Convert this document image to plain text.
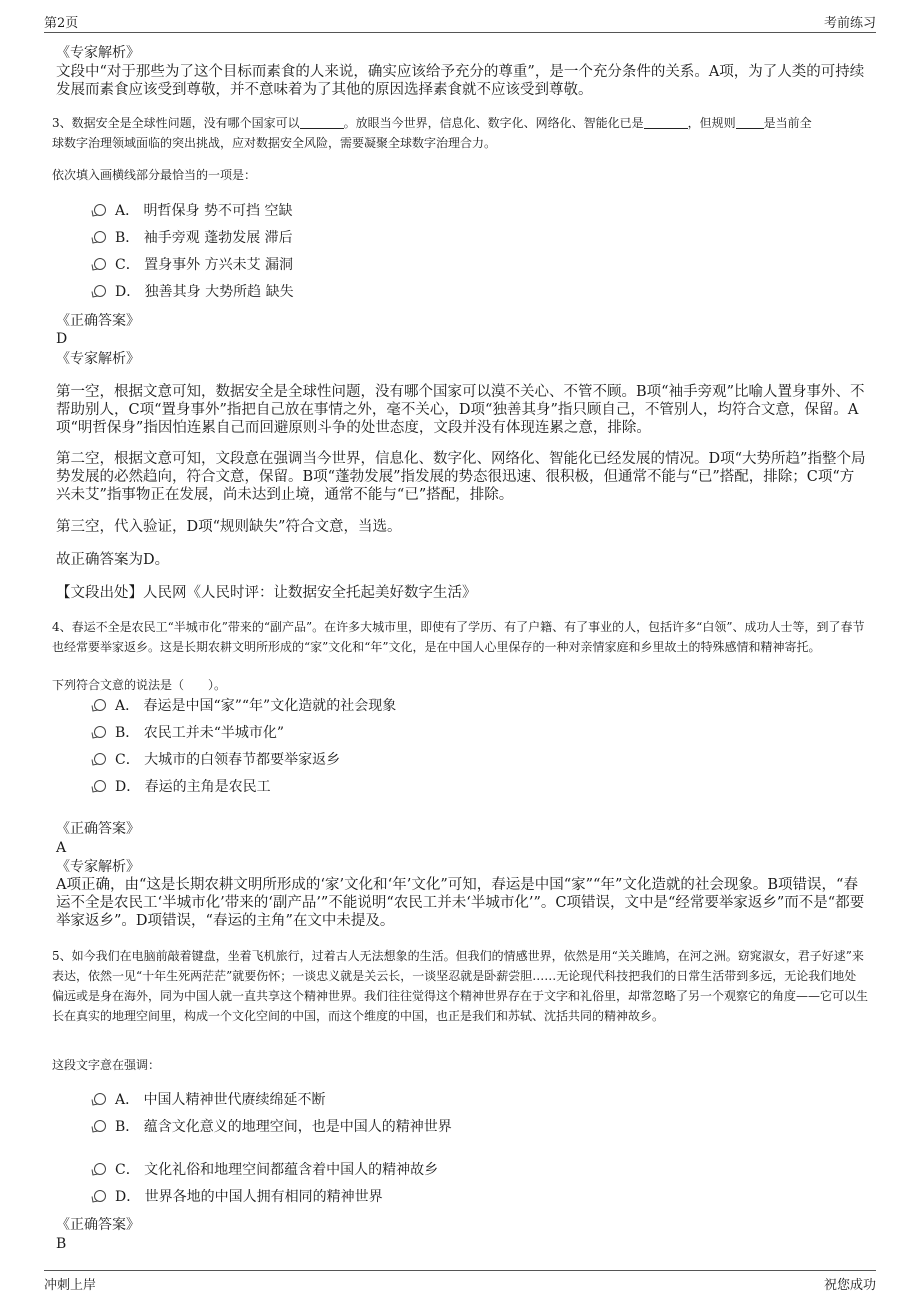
第2页	考前练习

《专家解析》

文段中“对于那些为了这个目标而素食的人来说，确实应该给予充分的尊重”，是一个充分条件的关系。A项，为了人类的可持续发展而素食应该受到尊敬，并不意味着为了其他的原因选择素食就不应该受到尊敬。

3、数据安全是全球性问题，没有哪个国家可以	。放眼当今世界，信息化、数字化、网络化、智能化已是	，但规则 是当前全
球数字治理领域面临的突出挑战，应对数据安全风险，需要凝聚全球数字治理合力。

依次填入画横线部分最恰当的一项是：

A． 明哲保身 势不可挡 空缺
B． 袖手旁观 蓬勃发展 滞后
C． 置身事外 方兴未艾 漏洞
D． 独善其身 大势所趋 缺失

《正确答案》

D

《专家解析》

第一空，根据文意可知，数据安全是全球性问题，没有哪个国家可以漠不关心、不管不顾。B项“袖手旁观”比喻人置身事外、不帮助别人，C项“置身事外”指把自己放在事情之外，毫不关心，D项“独善其身”指只顾自己，不管别人，均符合文意，保留。A项“明哲保身”指因怕连累自己而回避原则斗争的处世态度，文段并没有体现连累之意，排除。

第二空，根据文意可知，文段意在强调当今世界，信息化、数字化、网络化、智能化已经发展的情况。D项“大势所趋”指整个局势发展的必然趋向，符合文意，保留。B项“蓬勃发展”指发展的势态很迅速、很积极，但通常不能与“已”搭配，排除；C项“方兴未艾”指事物正在发展，尚未达到止境，通常不能与“已”搭配，排除。

第三空，代入验证，D项“规则缺失”符合文意，当选。

故正确答案为D。

【文段出处】人民网《人民时评：让数据安全托起美好数字生活》

4、春运不全是农民工“半城市化”带来的“副产品”。在许多大城市里，即使有了学历、有了户籍、有了事业的人，包括许多“白领”、成功人士等，到了春节也经常要举家返乡。这是长期农耕文明所形成的“家”文化和“年”文化，是在中国人心里保存的一种对亲情家庭和乡里故土的特殊感情和精神寄托。

下列符合文意的说法是（　　）。

A． 春运是中国“家”“年”文化造就的社会现象
B． 农民工并未“半城市化”
C． 大城市的白领春节都要举家返乡
D． 春运的主角是农民工

《正确答案》

A

《专家解析》

A项正确，由“这是长期农耕文明所形成的‘家’文化和‘年’文化”可知，春运是中国“家”“年”文化造就的社会现象。B项错误，“春运不全是农民工‘半城市化’带来的‘副产品’”不能说明“农民工并未‘半城市化’”。C项错误，文中是“经常要举家返乡”而不是“都要举家返乡”。D项错误，“春运的主角”在文中未提及。

5、如今我们在电脑前敲着键盘，坐着飞机旅行，过着古人无法想象的生活。但我们的情感世界，依然是用“关关雎鸠，在河之洲。窈窕淑女，君子好逑”来表达，依然一见“十年生死两茫茫”就要伤怀；一谈忠义就是关云长，一谈坚忍就是卧薪尝胆……无论现代科技把我们的日常生活带到多远，无论我们地处偏远或是身在海外，同为中国人就一直共享这个精神世界。我们往往觉得这个精神世界存在于文字和礼俗里，却常忽略了另一个观察它的角度——它可以生长在真实的地理空间里，构成一个文化空间的中国，而这个维度的中国，也正是我们和苏轼、沈括共同的精神故乡。

这段文字意在强调：

A． 中国人精神世代赓续绵延不断
B． 蕴含文化意义的地理空间，也是中国人的精神世界
C． 文化礼俗和地理空间都蕴含着中国人的精神故乡
D． 世界各地的中国人拥有相同的精神世界

《正确答案》

B

冲刺上岸	祝您成功
